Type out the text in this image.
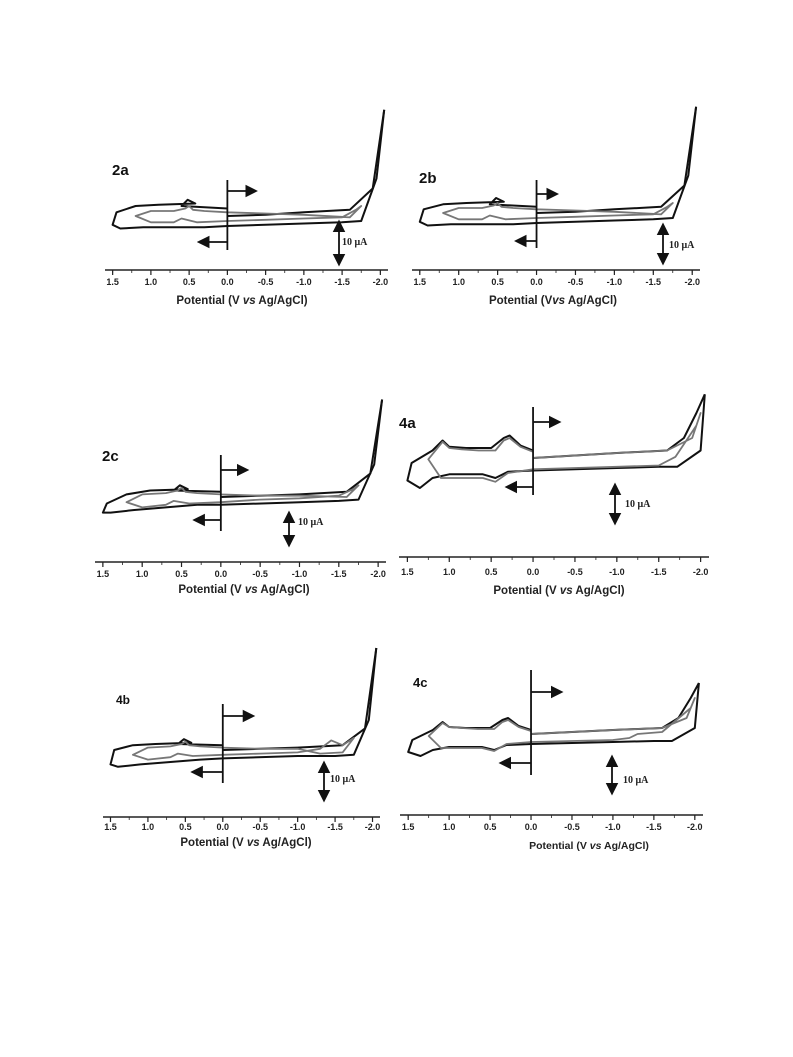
2a
1.5	1.0	0.5	0.0	-0.5	-1.0	-1.5	-2.0
10 μA
Potential (V vs Ag/AgCl)
2b
1.5	1.0	0.5	0.0	-0.5	-1.0	-1.5	-2.0
10 μA
Potential (Vvs Ag/AgCl)
2c
1.5	1.0	0.5	0.0	-0.5	-1.0	-1.5	-2.0
10 μA
Potential (V vs Ag/AgCl)
4a
1.5	1.0	0.5	0.0	-0.5	-1.0	-1.5	-2.0
10 μA
Potential (V vs Ag/AgCl)
4b
1.5	1.0	0.5	0.0	-0.5 -1.0 -1.5 -2.0
10 μA
Potential (V vs Ag/AgCl)
4c
1.5	1.0	0.5	0.0	-0.5	-1.0	-1.5	-2.0
10 μA
Potential (V vs Ag/AgCl)
